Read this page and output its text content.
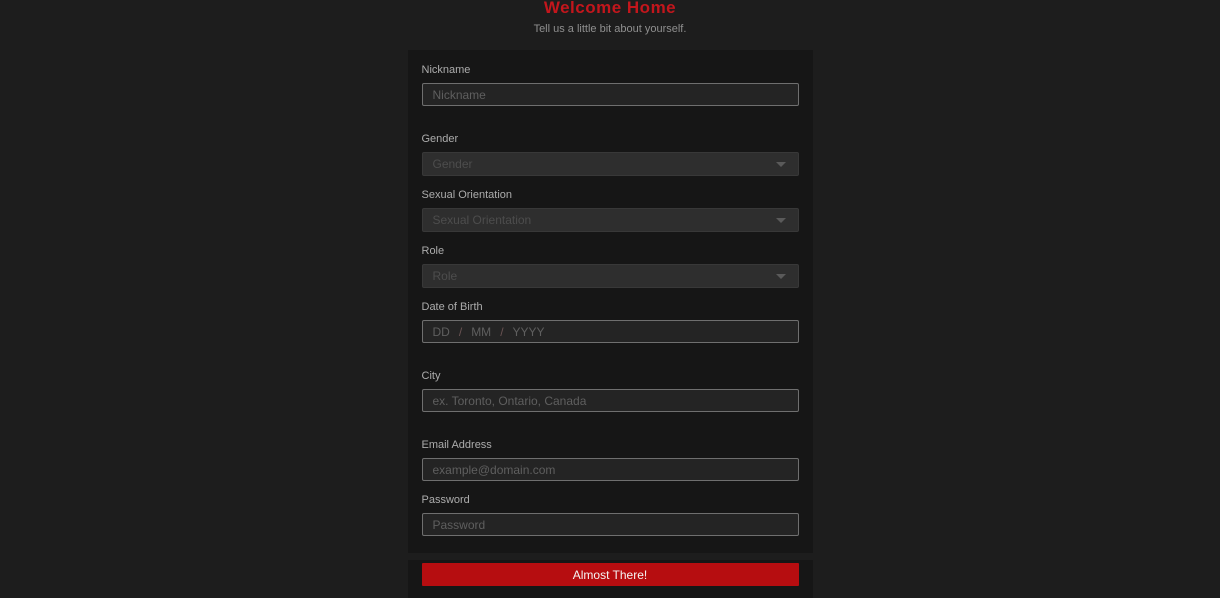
Welcome Home

Tell us a little bit about yourself.

Nickname
Nickname
Gender
Gender
Sexual Orientation
Sexual Orientation
Role
Role
Date of Birth
DD / MM / YYYY
City
ex. Toronto, Ontario, Canada
Email Address
example@domain.com
Password
Almost There!
